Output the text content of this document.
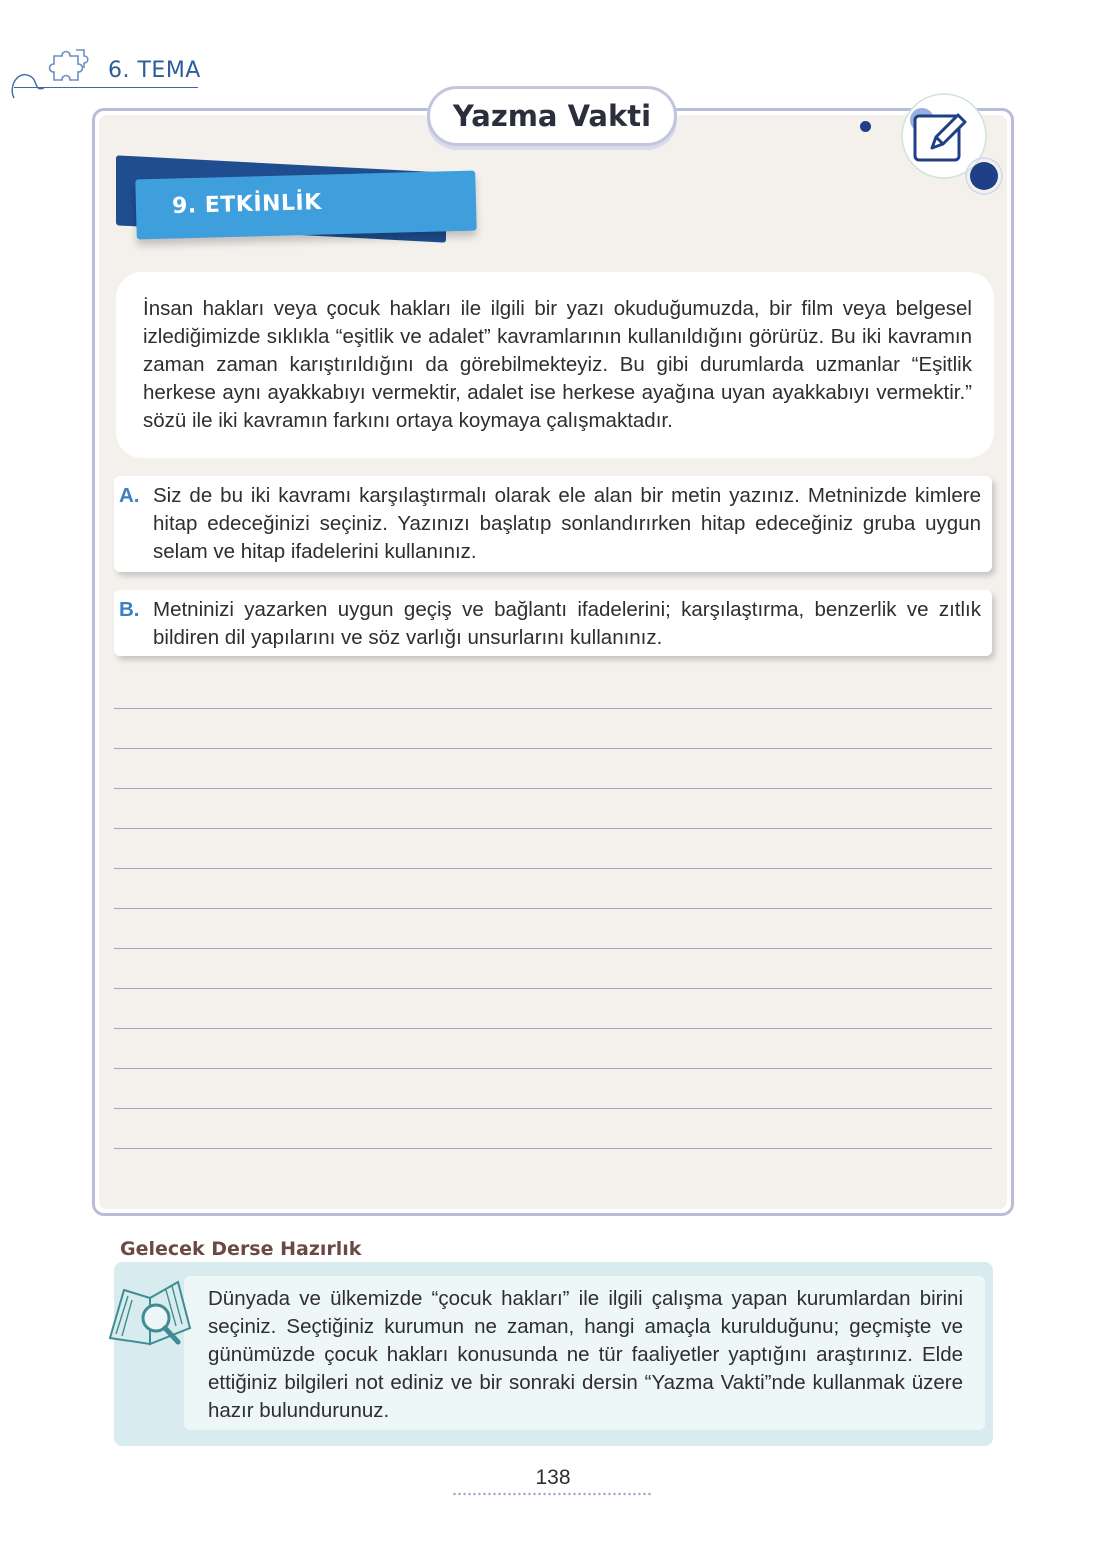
6. TEMA
Yazma Vakti
9. ETKİNLİK
İnsan hakları veya çocuk hakları ile ilgili bir yazı okuduğumuzda, bir film veya belgesel izlediğimizde sıklıkla “eşitlik ve adalet” kavramlarının kullanıldığını görürüz. Bu iki kavramın zaman zaman karıştırıldığını da görebilmekteyiz. Bu gibi durumlarda uzmanlar “Eşitlik herkese aynı ayakkabıyı vermektir, adalet ise herkese ayağına uyan ayakkabıyı vermektir.” sözü ile iki kavramın farkını ortaya koymaya çalışmaktadır.
A. Siz de bu iki kavramı karşılaştırmalı olarak ele alan bir metin yazınız. Metninizde kimlere hitap edeceğinizi seçiniz. Yazınızı başlatıp sonlandırırken hitap edeceğiniz gruba uygun selam ve hitap ifadelerini kullanınız.
B. Metninizi yazarken uygun geçiş ve bağlantı ifadelerini; karşılaştırma, benzerlik ve zıtlık bildiren dil yapılarını ve söz varlığı unsurlarını kullanınız.
Gelecek Derse Hazırlık
Dünyada ve ülkemizde “çocuk hakları” ile ilgili çalışma yapan kurumlardan birini seçiniz. Seçtiğiniz kurumun ne zaman, hangi amaçla kurulduğunu; geçmişte ve günümüzde çocuk hakları konusunda ne tür faaliyetler yaptığını araştırınız. Elde ettiğiniz bilgileri not ediniz ve bir sonraki dersin “Yazma Vakti”nde kullanmak üzere hazır bulundurunuz.
138
